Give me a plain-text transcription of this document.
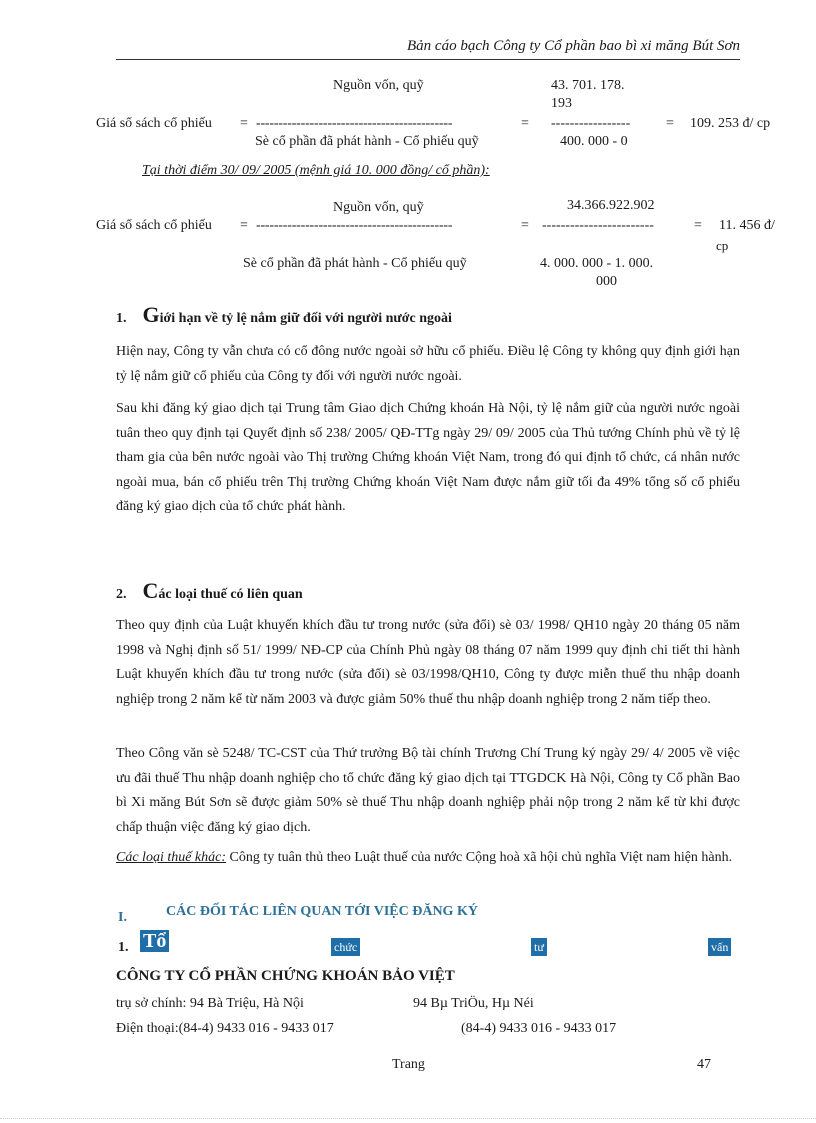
Bản cáo bạch Công ty Cổ phần bao bì xi măng Bút Sơn
Nguồn vốn, quỹ	43. 701. 178.
193
Giá sổ sách cổ phiếu = --------------------------------------------	= -----------------	= 109. 253 đ/ cp
Sè cổ phần đã phát hành - Cổ phiếu quỹ	400. 000 - 0
Tại thời điểm 30/ 09/ 2005 (mệnh giá 10. 000 đồng/ cổ phần):
Nguồn vốn, quỹ	34.366.922.902
Giá sổ sách cổ phiếu = --------------------------------------------	= ------------------------	= 11. 456 đ/
cp
Sè cổ phần đã phát hành - Cổ phiếu quỹ	4. 000. 000 - 1. 000.
000
1. Giới hạn về tỷ lệ nắm giữ đối với người nước ngoài

Hiện nay, Công ty vẫn chưa có cổ đông nước ngoài sở hữu cổ phiếu. Điều lệ Công ty không quy định giới hạn tỷ lệ nắm giữ cổ phiếu của Công ty đối với người nước ngoài.

Sau khi đăng ký giao dịch tại Trung tâm Giao dịch Chứng khoán Hà Nội, tỷ lệ nắm giữ của người nước ngoài tuân theo quy định tại Quyết định số 238/ 2005/ QĐ-TTg ngày 29/ 09/ 2005 của Thủ tướng Chính phủ về tỷ lệ tham gia của bên nước ngoài vào Thị trường Chứng khoán Việt Nam, trong đó qui định tổ chức, cá nhân nước ngoài mua, bán cổ phiếu trên Thị trường Chứng khoán Việt Nam được nắm giữ tối đa 49% tổng số cổ phiếu đăng ký giao dịch của tổ chức phát hành.

2. Các loại thuế có liên quan

Theo quy định của Luật khuyến khích đầu tư trong nước (sửa đổi) sè 03/ 1998/ QH10 ngày 20 tháng 05 năm 1998 và Nghị định số 51/ 1999/ NĐ-CP của Chính Phủ ngày 08 tháng 07 năm 1999 quy định chi tiết thi hành Luật khuyến khích đầu tư trong nước (sửa đổi) sè 03/1998/QH10, Công ty được miễn thuế thu nhập doanh nghiệp trong 2 năm kể từ năm 2003 và được giảm 50% thuế thu nhập doanh nghiệp trong 2 năm tiếp theo.

Theo Công văn sè 5248/ TC-CST của Thứ trưởng Bộ tài chính Trương Chí Trung ký ngày 29/ 4/ 2005 về việc ưu đãi thuế Thu nhập doanh nghiệp cho tổ chức đăng ký giao dịch tại TTGDCK Hà Nội, Công ty Cổ phần Bao bì Xi măng Bút Sơn sẽ được giảm 50% sè thuế Thu nhập doanh nghiệp phải nộp trong 2 năm kể từ khi được chấp thuận việc đăng ký giao dịch.

Các loại thuế khác: Công ty tuân thủ theo Luật thuế của nước Cộng hoà xã hội chủ nghĩa Việt nam hiện hành.

I.	CÁC ĐỐI TÁC LIÊN QUAN TỚI VIỆC ĐĂNG KÝ
1. Tổ	chức	tư	vấn
CÔNG TY CỔ PHẦN CHỨNG KHOÁN BẢO VIỆT
trụ sở chính: 94 Bà Triệu, Hà Nội	94 Bµ TriÖu, Hµ Néi
Điện thoại:(84-4) 9433 016 - 9433 017	(84-4) 9433 016 - 9433 017
Trang	47
